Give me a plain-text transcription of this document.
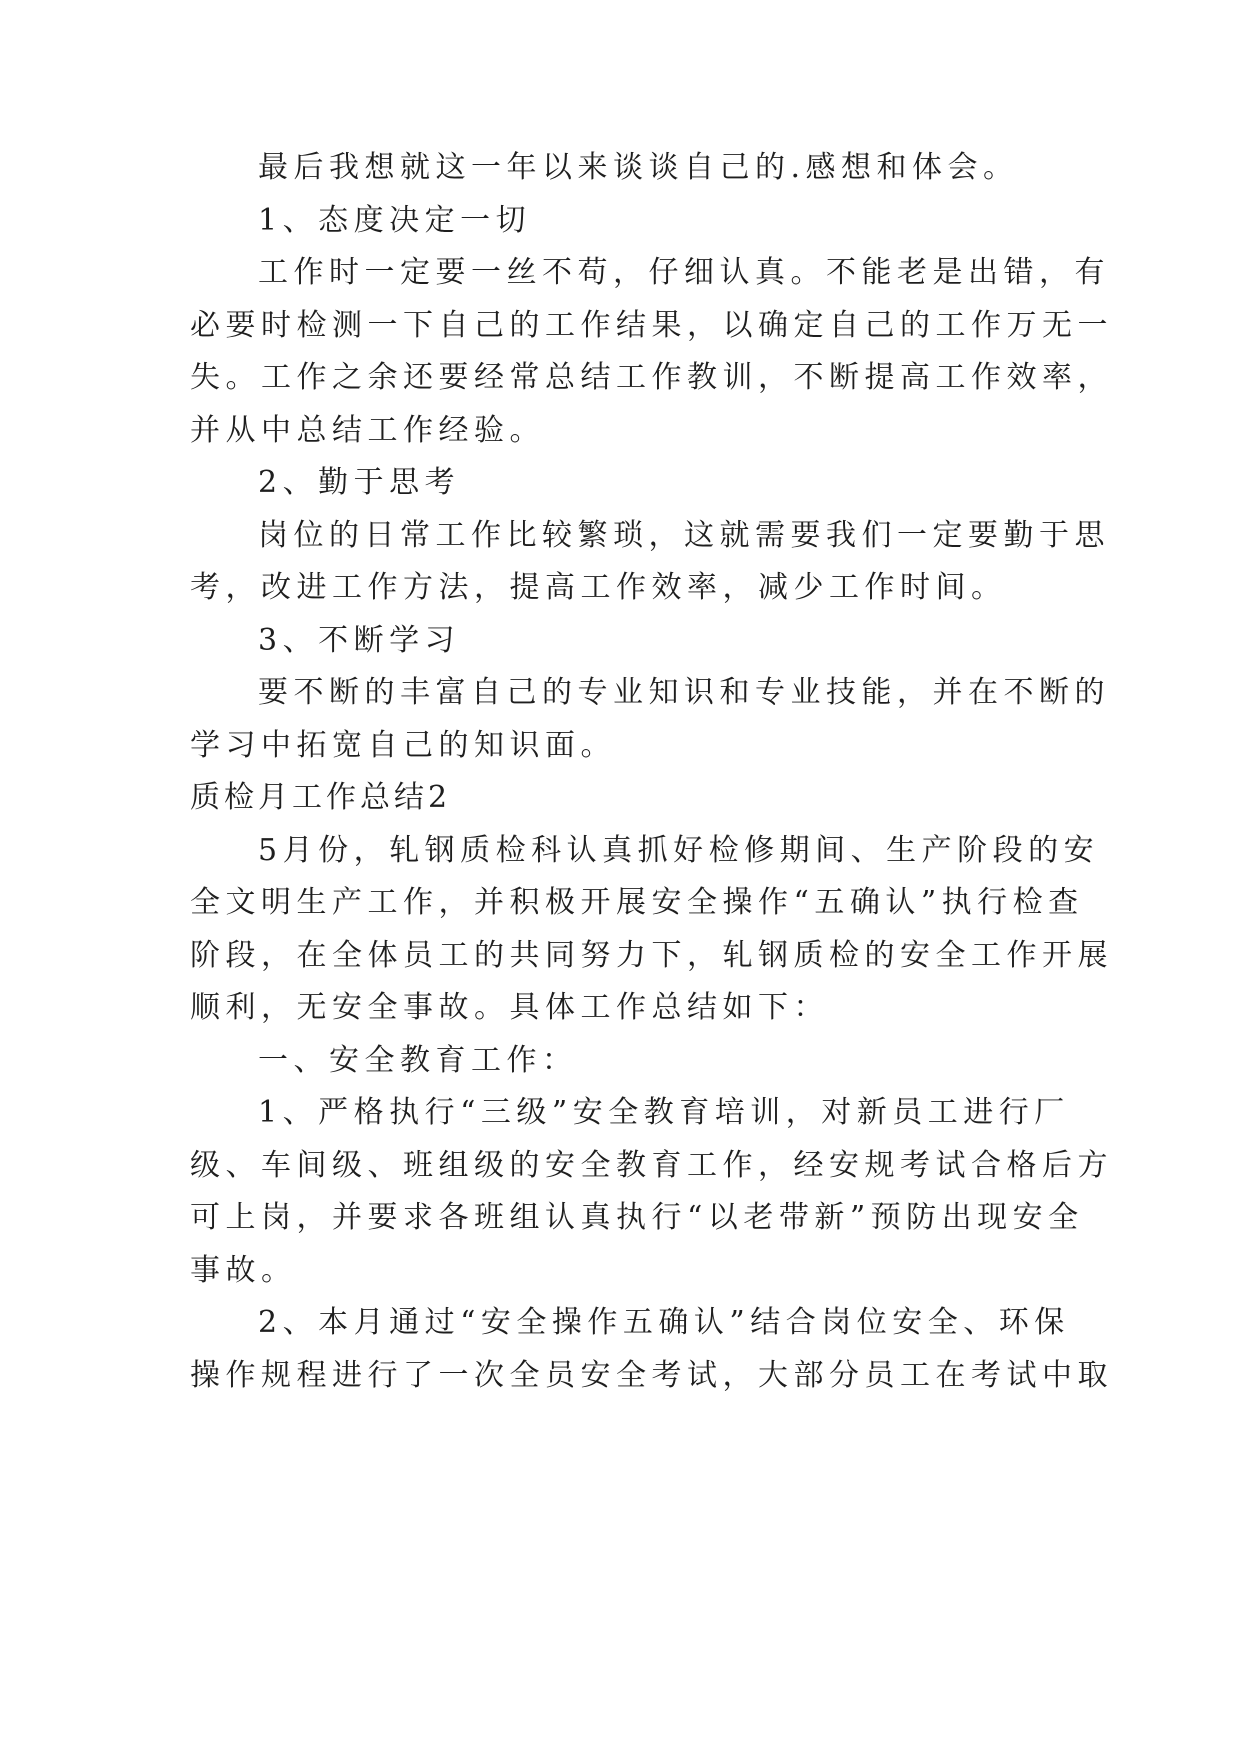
最后我想就这一年以来谈谈自己的.感想和体会。
1、态度决定一切
工作时一定要一丝不苟，仔细认真。不能老是出错，有
必要时检测一下自己的工作结果，以确定自己的工作万无一
失。工作之余还要经常总结工作教训，不断提高工作效率，
并从中总结工作经验。
2、勤于思考
岗位的日常工作比较繁琐，这就需要我们一定要勤于思
考，改进工作方法，提高工作效率，减少工作时间。
3、不断学习
要不断的丰富自己的专业知识和专业技能，并在不断的
学习中拓宽自己的知识面。
质检月工作总结2
5月份，轧钢质检科认真抓好检修期间、生产阶段的安
全文明生产工作，并积极开展安全操作“五确认”执行检查
阶段，在全体员工的共同努力下，轧钢质检的安全工作开展
顺利，无安全事故。具体工作总结如下：
一、安全教育工作：
1、严格执行“三级”安全教育培训，对新员工进行厂
级、车间级、班组级的安全教育工作，经安规考试合格后方
可上岗，并要求各班组认真执行“以老带新”预防出现安全
事故。
2、本月通过“安全操作五确认”结合岗位安全、环保
操作规程进行了一次全员安全考试，大部分员工在考试中取
